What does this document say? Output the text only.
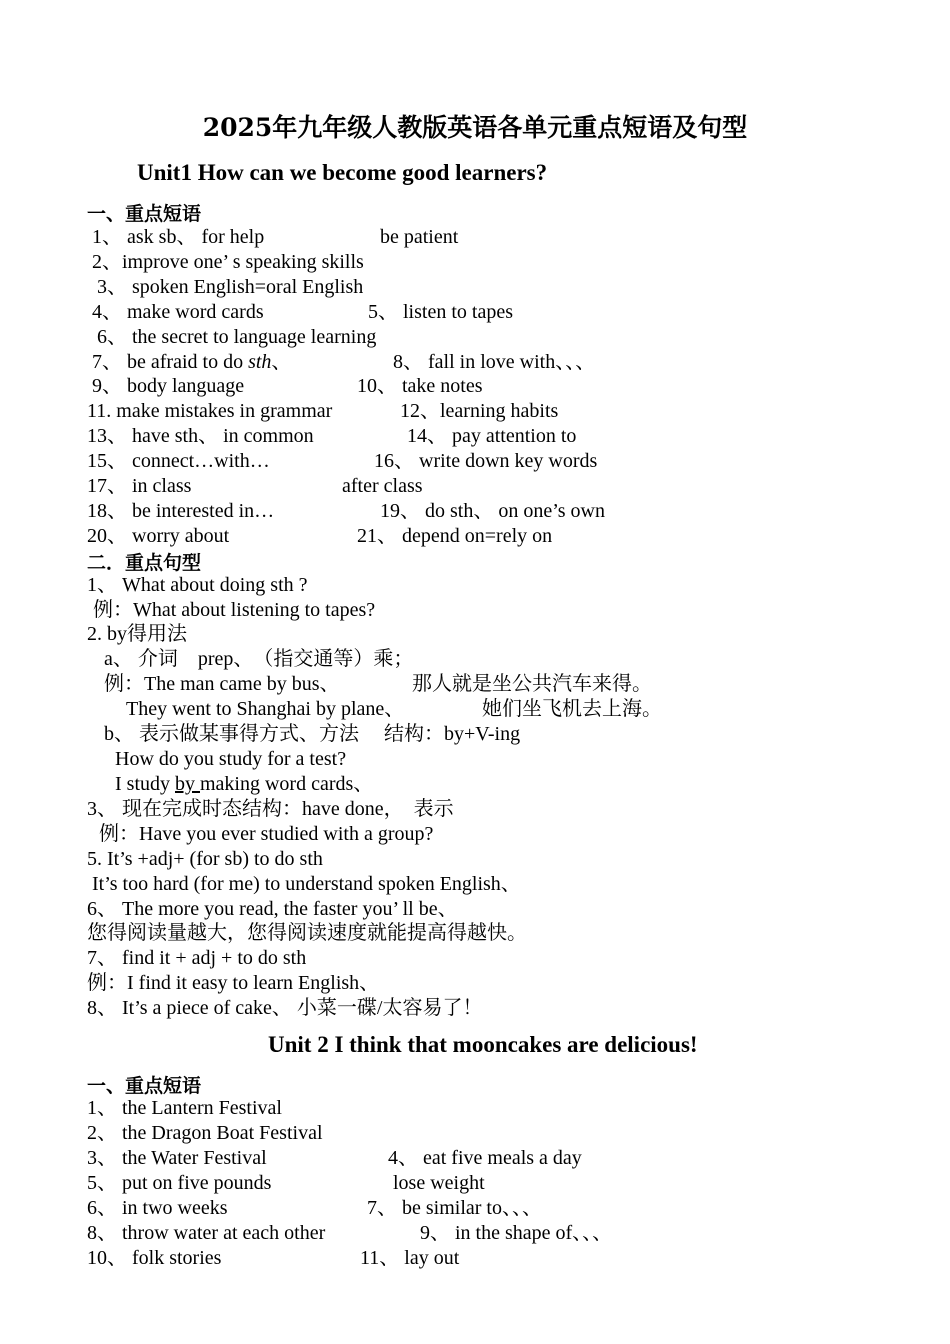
2025年九年级人教版英语各单元重点短语及句型
Unit1 How can we become good learners?
一、重点短语
1、 ask sb、 for help	be patient
2、improve one’ s speaking skills
3、 spoken English=oral English
4、 make word cards	5、 listen to tapes
6、 the secret to language learning
7、 be afraid to do sth、	8、 fall in love with、、、
9、 body language	10、 take notes
11. make mistakes in grammar	12、learning habits
13、 have sth、 in common	14、 pay attention to
15、 connect…with…	16、 write down key words
17、 in class	after class
18、 be interested in…	19、 do sth、 on one’s own
20、 worry about	21、 depend on=rely on
二．重点句型
1、 What about doing sth ?
例：What about listening to tapes?
2. by得用法
a、 介词　prep、　（指交通等）乘；
例：The man came by bus、	那人就是坐公共汽车来得。
They went to Shanghai by plane、	她们坐飞机去上海。
b、 表示做某事得方式、方法　 结构：by+V-ing
How do you study for a test?
I study by making word cards、
3、 现在完成时态结构：have done，　表示
例：Have you ever studied with a group?
5. It’s +adj+ (for sb) to do sth
It’s too hard (for me) to understand spoken English、
6、 The more you read, the faster you’ ll be、
您得阅读量越大，您得阅读速度就能提高得越快。
7、 find it + adj + to do sth
例：I find it easy to learn English、
8、 It’s a piece of cake、 小菜一碟/太容易了！
Unit 2 I think that mooncakes are delicious!
一、重点短语
1、 the Lantern Festival
2、 the Dragon Boat Festival
3、 the Water Festival	4、 eat five meals a day
5、 put on five pounds	lose weight
6、 in two weeks	7、 be similar to、、、
8、 throw water at each other	9、 in the shape of、、、
10、 folk stories	11、 lay out
